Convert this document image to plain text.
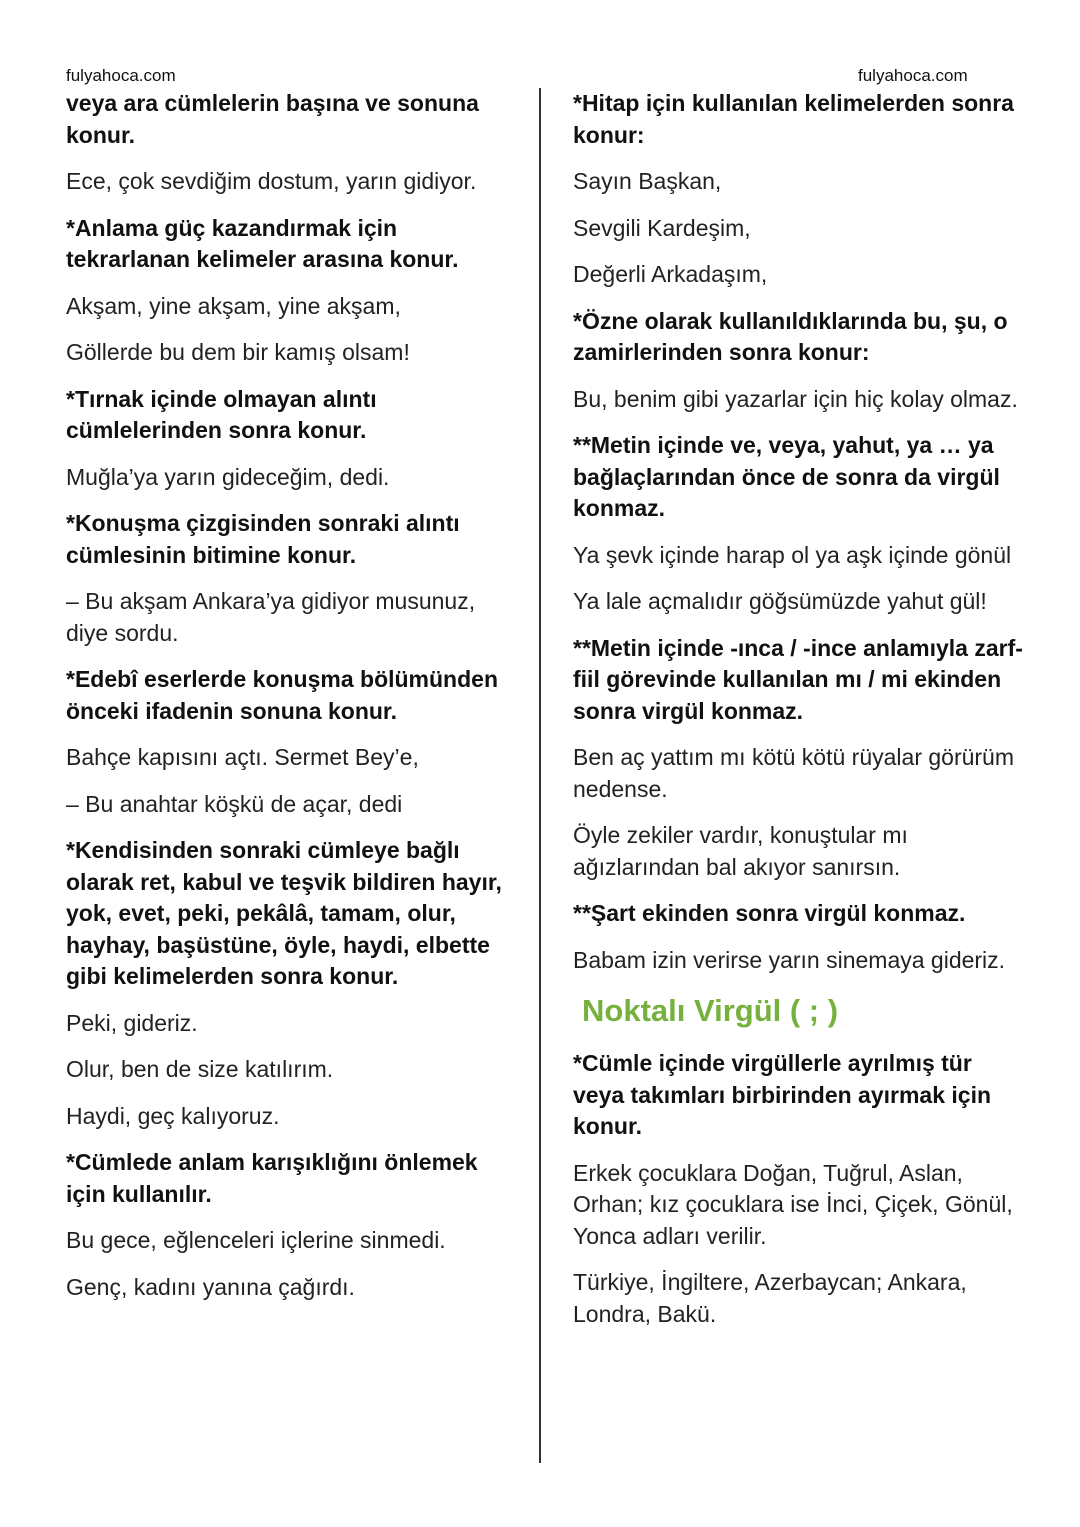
fulyahoca.com	fulyahoca.com

veya ara cümlelerin başına ve sonuna konur.

Ece, çok sevdiğim dostum, yarın gidiyor.

*Anlama güç kazandırmak için tekrarlanan kelimeler arasına konur.

Akşam, yine akşam, yine akşam,

Göllerde bu dem bir kamış olsam!

*Tırnak içinde olmayan alıntı cümlelerinden sonra konur.

Muğla’ya yarın gideceğim, dedi.

*Konuşma çizgisinden sonraki alıntı cümlesinin bitimine konur.

– Bu akşam Ankara’ya gidiyor musunuz, diye sordu.

*Edebî eserlerde konuşma bölümünden önceki ifadenin sonuna konur.

Bahçe kapısını açtı. Sermet Bey’e,

– Bu anahtar köşkü de açar, dedi

*Kendisinden sonraki cümleye bağlı olarak ret, kabul ve teşvik bildiren hayır, yok, evet, peki, pekâlâ, tamam, olur, hayhay, başüstüne, öyle, haydi, elbette gibi kelimelerden sonra konur.

Peki, gideriz.

Olur, ben de size katılırım.

Haydi, geç kalıyoruz.

*Cümlede anlam karışıklığını önlemek için kullanılır.

Bu gece, eğlenceleri içlerine sinmedi.

Genç, kadını yanına çağırdı.

*Hitap için kullanılan kelimelerden sonra konur:

Sayın Başkan,

Sevgili Kardeşim,

Değerli Arkadaşım,

*Özne olarak kullanıldıklarında bu, şu, o zamirlerinden sonra konur:

Bu, benim gibi yazarlar için hiç kolay olmaz.

**Metin içinde ve, veya, yahut, ya … ya bağlaçlarından önce de sonra da virgül konmaz.

Ya şevk içinde harap ol ya aşk içinde gönül

Ya lale açmalıdır göğsümüzde yahut gül!

**Metin içinde -ınca / -ince anlamıyla zarf-fiil görevinde kullanılan mı / mi ekinden sonra virgül konmaz.

Ben aç yattım mı kötü kötü rüyalar görürüm nedense.

Öyle zekiler vardır, konuştular mı ağızlarından bal akıyor sanırsın.

**Şart ekinden sonra virgül konmaz.

Babam izin verirse yarın sinemaya gideriz.

Noktalı Virgül ( ; )

*Cümle içinde virgüllerle ayrılmış tür veya takımları birbirinden ayırmak için konur.

Erkek çocuklara Doğan, Tuğrul, Aslan, Orhan; kız çocuklara ise İnci, Çiçek, Gönül, Yonca adları verilir.

Türkiye, İngiltere, Azerbaycan; Ankara, Londra, Bakü.
